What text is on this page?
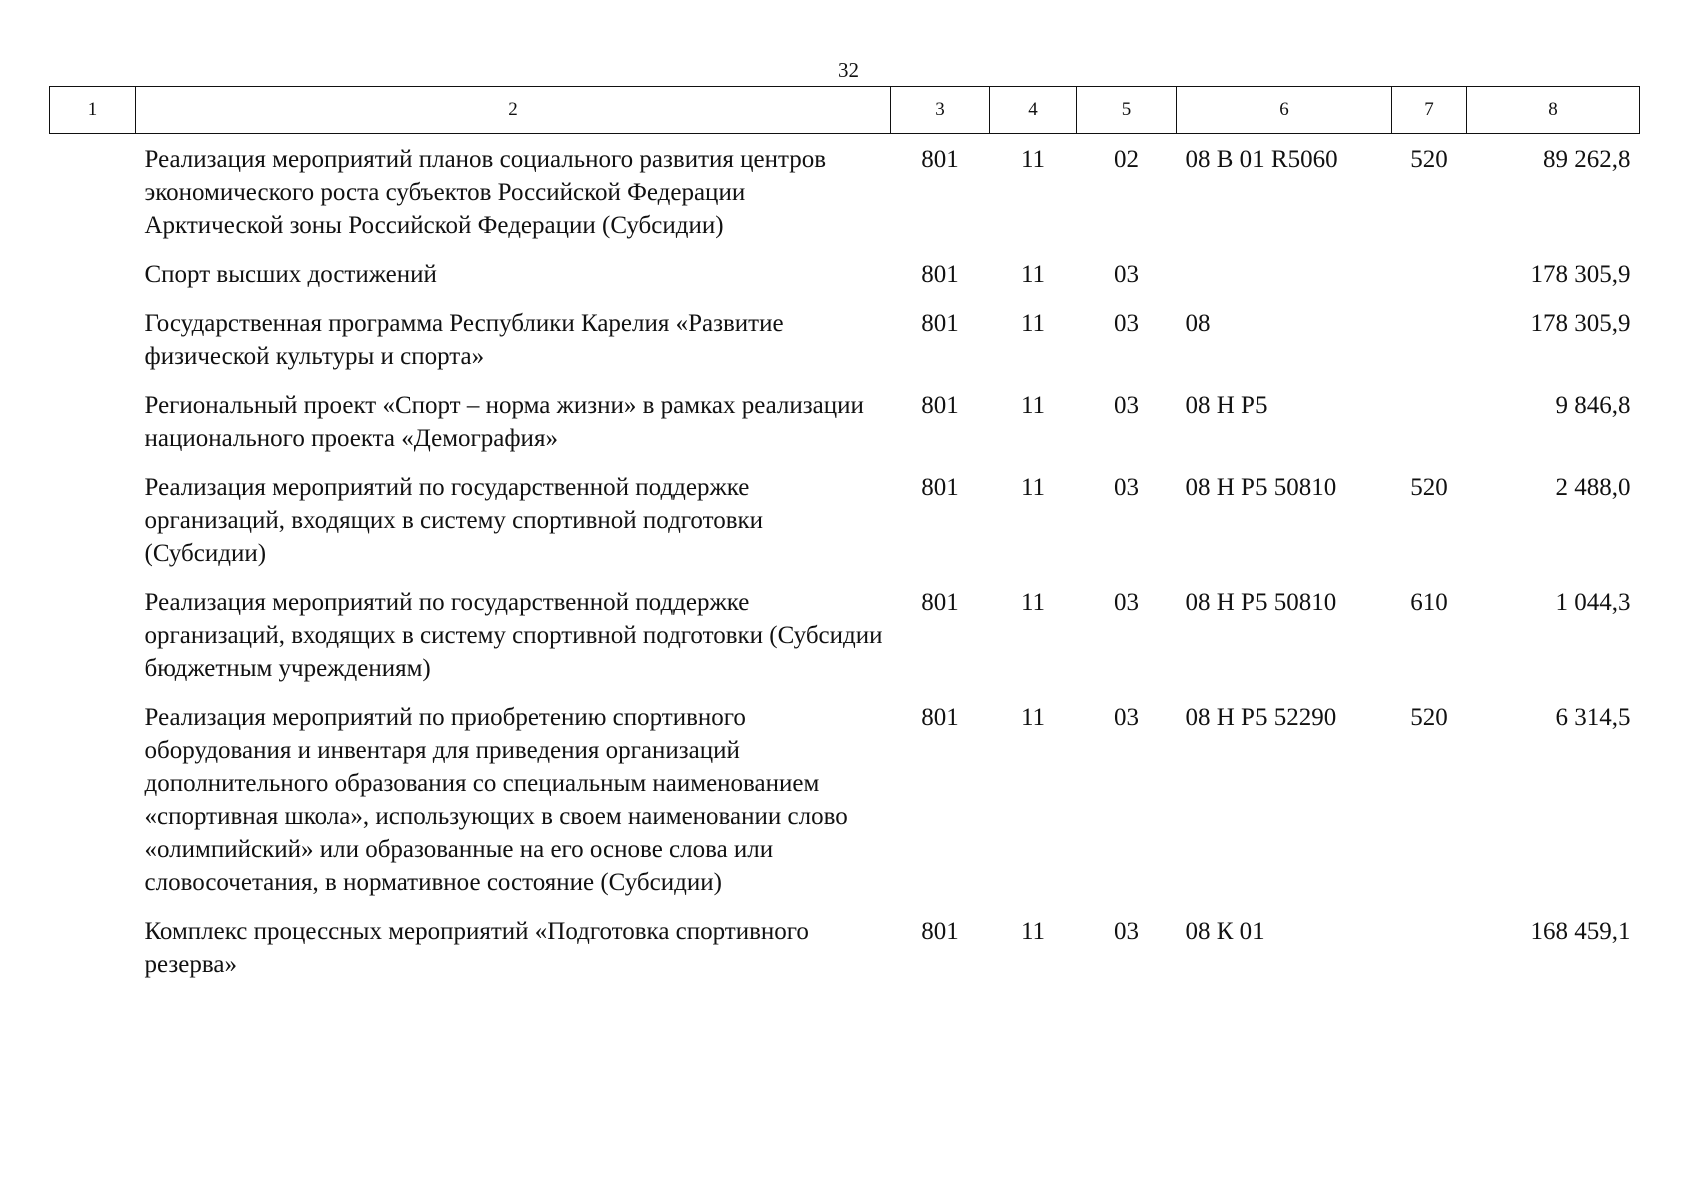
32
1	2	3	4	5	6	7	8
	Реализация мероприятий планов социального развития центров экономического роста субъектов Российской Федерации Арктической зоны Российской Федерации (Субсидии)	801	11	02	08 В 01 R5060	520	89 262,8
	Спорт высших достижений	801	11	03			178 305,9
	Государственная программа Республики Карелия «Развитие физической культуры и спорта»	801	11	03	08		178 305,9
	Региональный проект «Спорт – норма жизни» в рамках реализации национального проекта «Демография»	801	11	03	08 Н Р5		9 846,8
	Реализация мероприятий по государственной поддержке организаций, входящих в систему спортивной подготовки (Субсидии)	801	11	03	08 Н Р5 50810	520	2 488,0
	Реализация мероприятий по государственной поддержке организаций, входящих в систему спортивной подготовки (Субсидии бюджетным учреждениям)	801	11	03	08 Н Р5 50810	610	1 044,3
	Реализация мероприятий по приобретению спортивного оборудования и инвентаря для приведения организаций дополнительного образования со специальным наименованием «спортивная школа», использующих в своем наименовании слово «олимпийский» или образованные на его основе слова или словосочетания, в нормативное состояние (Субсидии)	801	11	03	08 Н Р5 52290	520	6 314,5
	Комплекс процессных мероприятий «Подготовка спортивного резерва»	801	11	03	08 К 01		168 459,1
